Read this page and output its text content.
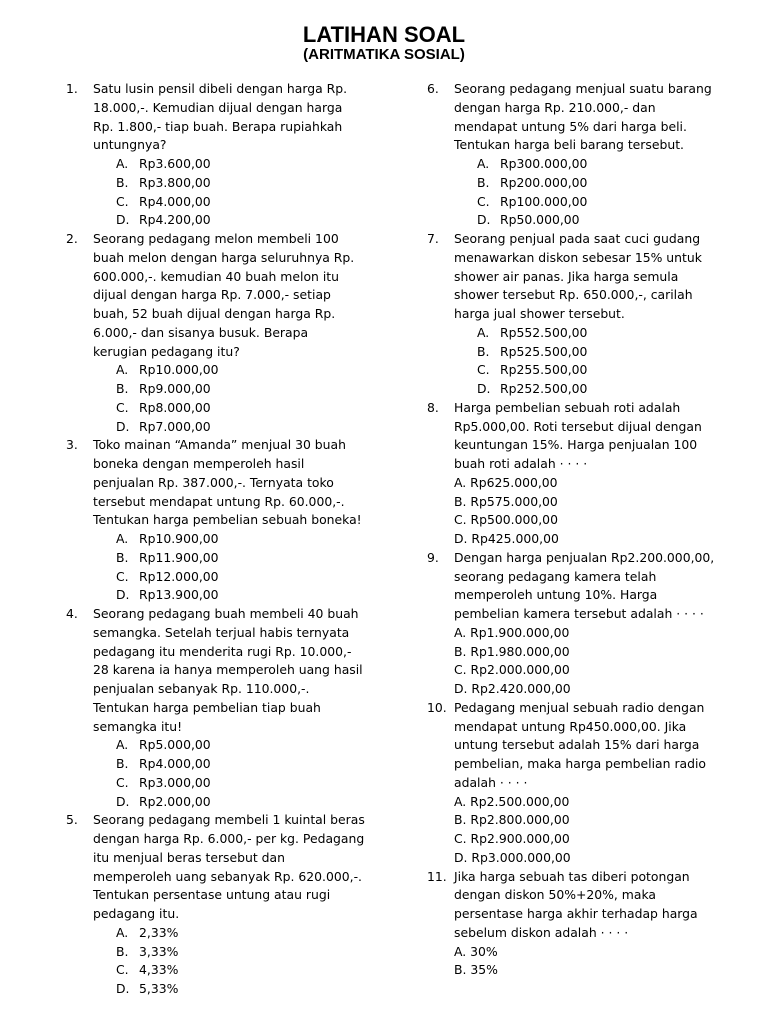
LATIHAN SOAL
(ARITMATIKA SOSIAL)
1.	Satu lusin pensil dibeli dengan harga Rp. 18.000,-. Kemudian dijual dengan harga Rp. 1.800,- tiap buah. Berapa rupiahkah untungnya?
A. Rp3.600,00
B. Rp3.800,00
C. Rp4.000,00
D. Rp4.200,00
2.	Seorang pedagang melon membeli 100 buah melon dengan harga seluruhnya Rp. 600.000,-. kemudian 40 buah melon itu dijual dengan harga Rp. 7.000,- setiap buah, 52 buah dijual dengan harga Rp. 6.000,- dan sisanya busuk. Berapa kerugian pedagang itu?
A. Rp10.000,00
B. Rp9.000,00
C. Rp8.000,00
D. Rp7.000,00
3.	Toko mainan “Amanda” menjual 30 buah boneka dengan memperoleh hasil penjualan Rp. 387.000,-. Ternyata toko tersebut mendapat untung Rp. 60.000,-. Tentukan harga pembelian sebuah boneka!
A. Rp10.900,00
B. Rp11.900,00
C. Rp12.000,00
D. Rp13.900,00
4.	Seorang pedagang buah membeli 40 buah semangka. Setelah terjual habis ternyata pedagang itu menderita rugi Rp. 10.000,- 28 karena ia hanya memperoleh uang hasil penjualan sebanyak Rp. 110.000,-. Tentukan harga pembelian tiap buah semangka itu!
A. Rp5.000,00
B. Rp4.000,00
C. Rp3.000,00
D. Rp2.000,00
5.	Seorang pedagang membeli 1 kuintal beras dengan harga Rp. 6.000,- per kg. Pedagang itu menjual beras tersebut dan memperoleh uang sebanyak Rp. 620.000,-. Tentukan persentase untung atau rugi pedagang itu.
A. 2,33%
B. 3,33%
C. 4,33%
D. 5,33%
6.	Seorang pedagang menjual suatu barang dengan harga Rp. 210.000,- dan mendapat untung 5% dari harga beli. Tentukan harga beli barang tersebut.
A. Rp300.000,00
B. Rp200.000,00
C. Rp100.000,00
D. Rp50.000,00
7.	Seorang penjual pada saat cuci gudang menawarkan diskon sebesar 15% untuk shower air panas. Jika harga semula shower tersebut Rp. 650.000,-, carilah harga jual shower tersebut.
A. Rp552.500,00
B. Rp525.500,00
C. Rp255.500,00
D. Rp252.500,00
8.	Harga pembelian sebuah roti adalah Rp5.000,00. Roti tersebut dijual dengan keuntungan 15%. Harga penjualan 100 buah roti adalah · · · ·
A. Rp625.000,00
B. Rp575.000,00
C. Rp500.000,00
D. Rp425.000,00
9.	Dengan harga penjualan Rp2.200.000,00, seorang pedagang kamera telah memperoleh untung 10%. Harga pembelian kamera tersebut adalah · · · ·
A. Rp1.900.000,00
B. Rp1.980.000,00
C. Rp2.000.000,00
D. Rp2.420.000,00
10. Pedagang menjual sebuah radio dengan mendapat untung Rp450.000,00. Jika untung tersebut adalah 15% dari harga pembelian, maka harga pembelian radio adalah · · · ·
A. Rp2.500.000,00
B. Rp2.800.000,00
C. Rp2.900.000,00
D. Rp3.000.000,00
11. Jika harga sebuah tas diberi potongan dengan diskon 50%+20%, maka persentase harga akhir terhadap harga sebelum diskon adalah · · · ·
A. 30%
B. 35%
